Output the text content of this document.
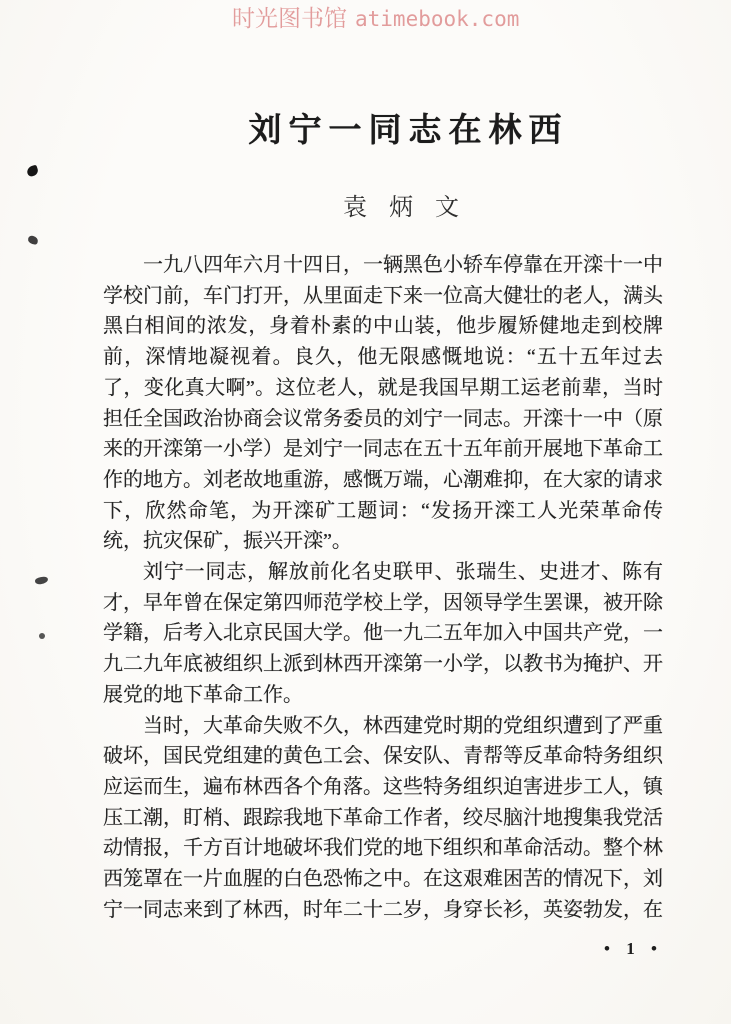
时光图书馆 atimebook.com
刘宁一同志在林西
袁炳文
一九八四年六月十四日，一辆黑色小轿车停靠在开滦十一中
学校门前，车门打开，从里面走下来一位高大健壮的老人，满头
黑白相间的浓发，身着朴素的中山装，他步履矫健地走到校牌
前，深情地凝视着。良久，他无限感慨地说：“五十五年过去
了，变化真大啊”。这位老人，就是我国早期工运老前辈，当时
担任全国政治协商会议常务委员的刘宁一同志。开滦十一中（原
来的开滦第一小学）是刘宁一同志在五十五年前开展地下革命工
作的地方。刘老故地重游，感慨万端，心潮难抑，在大家的请求
下，欣然命笔，为开滦矿工题词：“发扬开滦工人光荣革命传
统，抗灾保矿，振兴开滦”。
刘宁一同志，解放前化名史联甲、张瑞生、史进才、陈有
才，早年曾在保定第四师范学校上学，因领导学生罢课，被开除
学籍，后考入北京民国大学。他一九二五年加入中国共产党，一
九二九年底被组织上派到林西开滦第一小学，以教书为掩护、开
展党的地下革命工作。
当时，大革命失败不久，林西建党时期的党组织遭到了严重
破坏，国民党组建的黄色工会、保安队、青帮等反革命特务组织
应运而生，遍布林西各个角落。这些特务组织迫害进步工人，镇
压工潮，盯梢、跟踪我地下革命工作者，绞尽脑汁地搜集我党活
动情报，千方百计地破坏我们党的地下组织和革命活动。整个林
西笼罩在一片血腥的白色恐怖之中。在这艰难困苦的情况下，刘
宁一同志来到了林西，时年二十二岁，身穿长衫，英姿勃发，在
• 1 •
